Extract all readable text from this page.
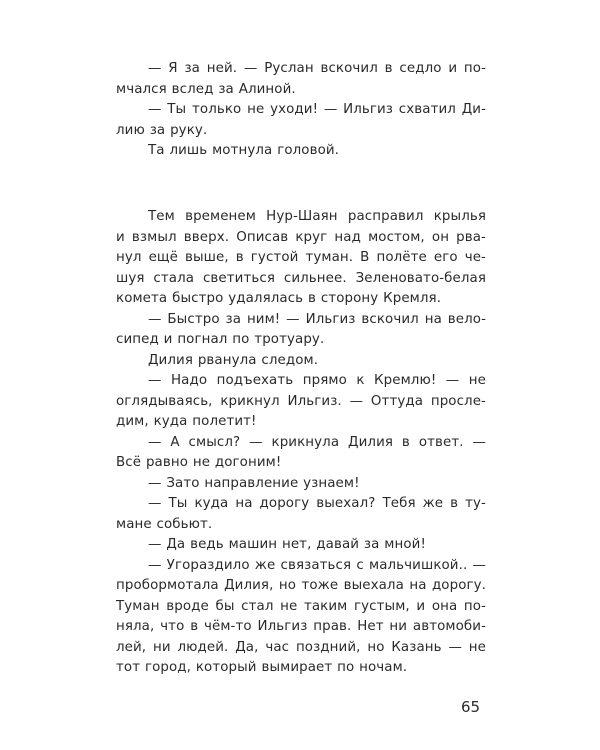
— Я за ней. — Руслан вскочил в седло и по-
мчался вслед за Алиной.
— Ты только не уходи! — Ильгиз схватил Ди-
лию за руку.
Та лишь мотнула головой.
Тем временем Нур-Шаян расправил крылья
и взмыл вверх. Описав круг над мостом, он рва-
нул ещё выше, в густой туман. В полёте его че-
шуя стала светиться сильнее. Зеленовато-белая
комета быстро удалялась в сторону Кремля.
— Быстро за ним! — Ильгиз вскочил на вело-
сипед и погнал по тротуару.
Дилия рванула следом.
— Надо подъехать прямо к Кремлю! — не
оглядываясь, крикнул Ильгиз. — Оттуда просле-
дим, куда полетит!
— А смысл? — крикнула Дилия в ответ. —
Всё равно не догоним!
— Зато направление узнаем!
— Ты куда на дорогу выехал? Тебя же в ту-
мане собьют.
— Да ведь машин нет, давай за мной!
— Угораздило же связаться с мальчишкой.. —
пробормотала Дилия, но тоже выехала на дорогу.
Туман вроде бы стал не таким густым, и она по-
няла, что в чём-то Ильгиз прав. Нет ни автомоби-
лей, ни людей. Да, час поздний, но Казань — не
тот город, который вымирает по ночам.
65
